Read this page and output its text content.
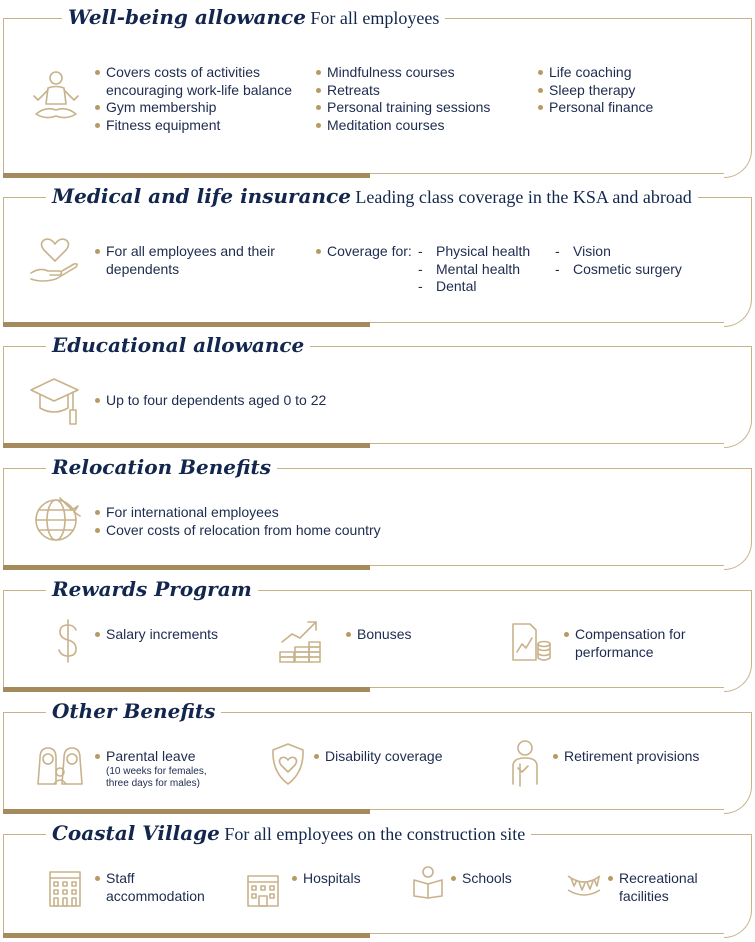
Well-being allowance For all employees
Covers costs of activities
encouraging work-life balance
Gym membership
Fitness equipment
Mindfulness courses
Retreats
Personal training sessions
Meditation courses
Life coaching
Sleep therapy
Personal finance
Medical and life insurance Leading class coverage in the KSA and abroad
For all employees and their
dependents
Coverage for:
-	Physical health
- Mental health
- Dental
- Vision
- Cosmetic surgery
Educational allowance
Up to four dependents aged 0 to 22
Relocation Benefits
For international employees
Cover costs of relocation from home country
Rewards Program
Salary increments	Bonuses	Compensation for
performance
Other Benefits
Parental leave
(10 weeks for females,
three days for males)
Disability coverage	Retirement provisions
Coastal Village For all employees on the construction site
Staff
accommodation
Hospitals	Schools	Recreational
facilities
